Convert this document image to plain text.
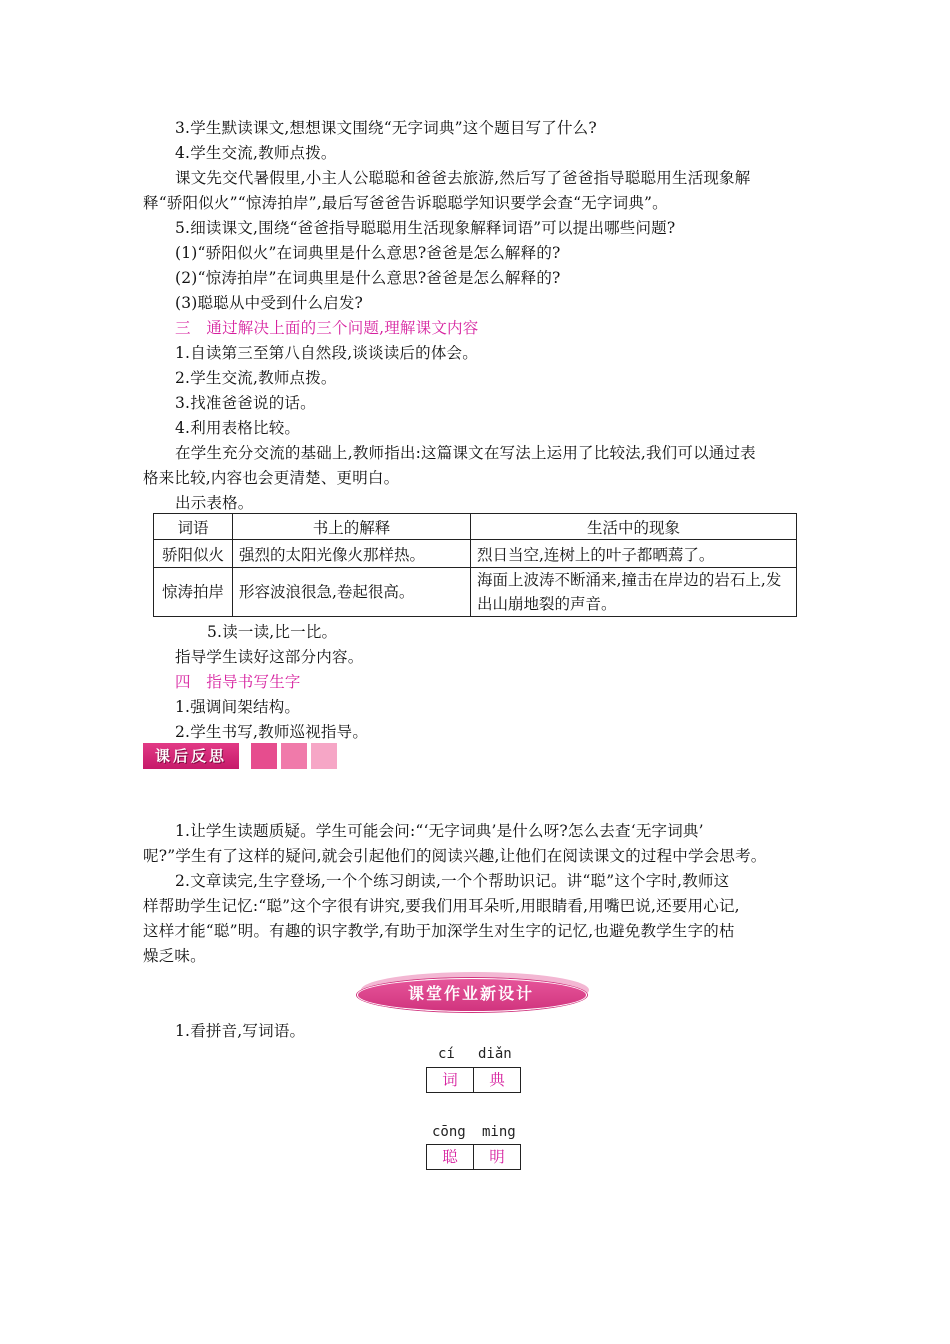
3.学生默读课文,想想课文围绕“无字词典”这个题目写了什么?
4.学生交流,教师点拨。
课文先交代暑假里,小主人公聪聪和爸爸去旅游,然后写了爸爸指导聪聪用生活现象解
释“骄阳似火”“惊涛拍岸”,最后写爸爸告诉聪聪学知识要学会查“无字词典”。
5.细读课文,围绕“爸爸指导聪聪用生活现象解释词语”可以提出哪些问题?
(1)“骄阳似火”在词典里是什么意思?爸爸是怎么解释的?
(2)“惊涛拍岸”在词典里是什么意思?爸爸是怎么解释的?
(3)聪聪从中受到什么启发?
三　通过解决上面的三个问题,理解课文内容
1.自读第三至第八自然段,谈谈读后的体会。
2.学生交流,教师点拨。
3.找准爸爸说的话。
4.利用表格比较。
在学生充分交流的基础上,教师指出:这篇课文在写法上运用了比较法,我们可以通过表
格来比较,内容也会更清楚、更明白。
出示表格。
词语	书上的解释	生活中的现象
骄阳似火	强烈的太阳光像火那样热。	烈日当空,连树上的叶子都晒蔫了。
惊涛拍岸	形容波浪很急,卷起很高。	海面上波涛不断涌来,撞击在岸边的岩石上,发出山崩地裂的声音。
5.读一读,比一比。
指导学生读好这部分内容。
四　指导书写生字
1.强调间架结构。
2.学生书写,教师巡视指导。
课后反思
1.让学生读题质疑。学生可能会问:“‘无字词典’是什么呀?怎么去查‘无字词典’
呢?”学生有了这样的疑问,就会引起他们的阅读兴趣,让他们在阅读课文的过程中学会思考。
2.文章读完,生字登场,一个个练习朗读,一个个帮助识记。讲“聪”这个字时,教师这
样帮助学生记忆:“聪”这个字很有讲究,要我们用耳朵听,用眼睛看,用嘴巴说,还要用心记,
这样才能“聪”明。有趣的识字教学,有助于加深学生对生字的记忆,也避免教学生字的枯
燥乏味。
课堂作业新设计
1.看拼音,写词语。
cí diǎn
词	典
cōng ming
聪	明
